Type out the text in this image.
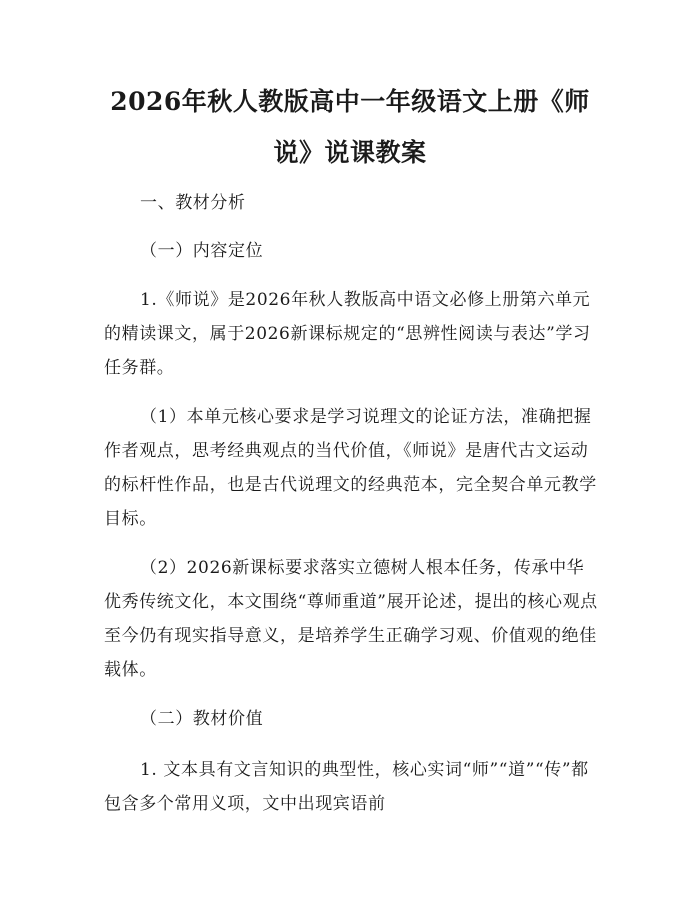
2026年秋人教版高中一年级语文上册《师
说》说课教案

一、教材分析

（一）内容定位

1.《师说》是2026年秋人教版高中语文必修上册第六单元的精读课文，属于2026新课标规定的“思辨性阅读与表达”学习任务群。

（1）本单元核心要求是学习说理文的论证方法，准确把握作者观点，思考经典观点的当代价值，《师说》是唐代古文运动的标杆性作品，也是古代说理文的经典范本，完全契合单元教学目标。

（2）2026新课标要求落实立德树人根本任务，传承中华优秀传统文化，本文围绕“尊师重道”展开论述，提出的核心观点至今仍有现实指导意义，是培养学生正确学习观、价值观的绝佳载体。

（二）教材价值

1. 文本具有文言知识的典型性，核心实词“师”“道”“传”都包含多个常用义项，文中出现宾语前
